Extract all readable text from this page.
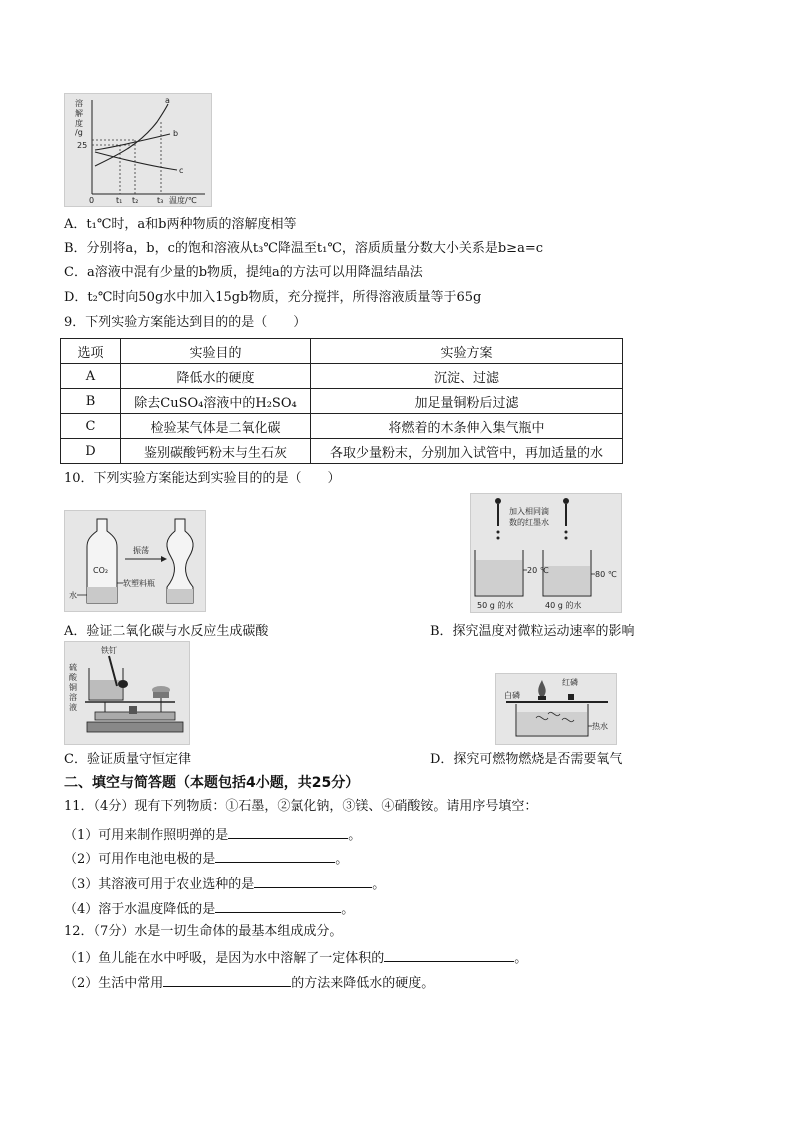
溶
解
度
/g
25
a
b
c
0	t₁ t₂ t₃ 温度/℃
A．t₁℃时，a和b两种物质的溶解度相等
B．分别将a，b，c的饱和溶液从t₃℃降温至t₁℃，溶质质量分数大小关系是b≥a=c
C．a溶液中混有少量的b物质，提纯a的方法可以用降温结晶法
D．t₂℃时向50g水中加入15gb物质，充分搅拌，所得溶液质量等于65g
9．下列实验方案能达到目的的是（　　）
选项	实验目的	实验方案
A	降低水的硬度	沉淀、过滤
B	除去CuSO₄溶液中的H₂SO₄	加足量铜粉后过滤
C	检验某气体是二氧化碳	将燃着的木条伸入集气瓶中
D	鉴别碳酸钙粉末与生石灰	各取少量粉末，分别加入试管中，再加适量的水
10．下列实验方案能达到实验目的的是（　　）
振荡
CO₂
软塑料瓶
水
加入相同滴
数的红墨水
20 ℃	80 ℃
50 g 的水	40 g 的水
A．验证二氧化碳与水反应生成碳酸	B．探究温度对微粒运动速率的影响
铁钉
硫
酸
铜
溶
液
红磷
白磷
热水
C．验证质量守恒定律	D．探究可燃物燃烧是否需要氧气
二、填空与简答题（本题包括4小题，共25分）
11．（4分）现有下列物质：①石墨，②氯化钠，③镁、④硝酸铵。请用序号填空：
（1）可用来制作照明弹的是	。
（2）可用作电池电极的是	。
（3）其溶液可用于农业选种的是	。
（4）溶于水温度降低的是	。
12．（7分）水是一切生命体的最基本组成成分。
（1）鱼儿能在水中呼吸，是因为水中溶解了一定体积的	。
（2）生活中常用	的方法来降低水的硬度。
